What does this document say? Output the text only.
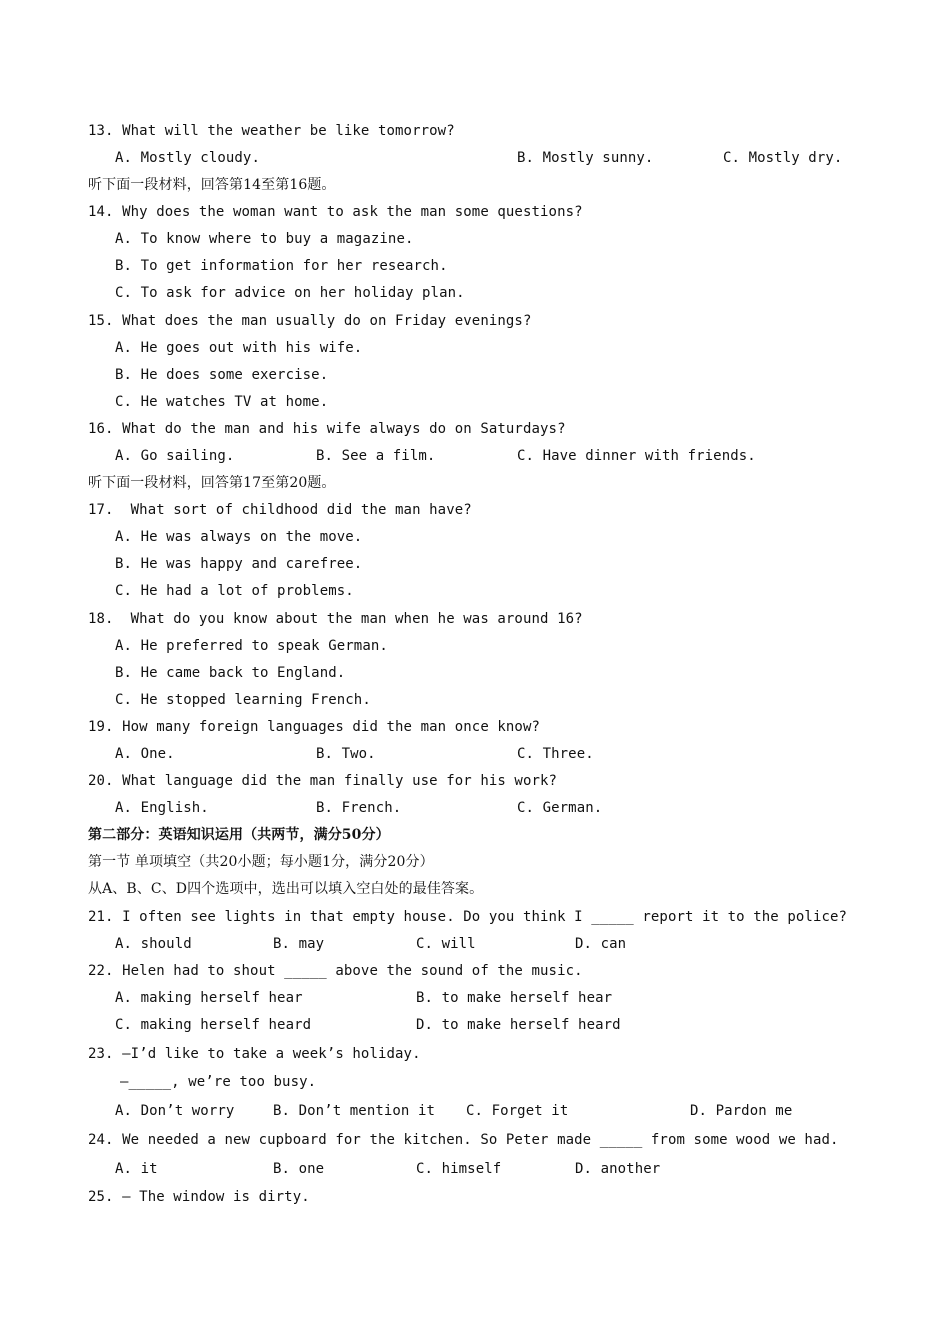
13. What will the weather be like tomorrow?
A. Mostly cloudy.	B. Mostly sunny.	C. Mostly dry.
听下面一段材料，回答第14至第16题。
14. Why does the woman want to ask the man some questions?
A. To know where to buy a magazine.
B. To get information for her research.
C. To ask for advice on her holiday plan.
15. What does the man usually do on Friday evenings?
A. He goes out with his wife.
B. He does some exercise.
C. He watches TV at home.
16. What do the man and his wife always do on Saturdays?
A. Go sailing.	B. See a film.	C. Have dinner with friends.
听下面一段材料，回答第17至第20题。
17.  What sort of childhood did the man have?
A. He was always on the move.
B. He was happy and carefree.
C. He had a lot of problems.
18.  What do you know about the man when he was around 16?
A. He preferred to speak German.
B. He came back to England.
C. He stopped learning French.
19. How many foreign languages did the man once know?
A. One.	B. Two.	C. Three.
20. What language did the man finally use for his work?
A. English.	B. French.	C. German.
第二部分：英语知识运用（共两节，满分50分）
第一节 单项填空（共20小题；每小题1分，满分20分）
从A、B、C、D四个选项中，选出可以填入空白处的最佳答案。
21. I often see lights in that empty house. Do you think I _____ report it to the police?
A. should	B. may	C. will	D. can
22. Helen had to shout _____ above the sound of the music.
A. making herself hear	B. to make herself hear
C. making herself heard	D. to make herself heard
23. —I’d like to take a week’s holiday.
—_____, we’re too busy.
A. Don’t worry	B. Don’t mention it C. Forget it	D. Pardon me
24. We needed a new cupboard for the kitchen. So Peter made _____ from some wood we had.
A. it	B. one	C. himself	D. another
25. — The window is dirty.
